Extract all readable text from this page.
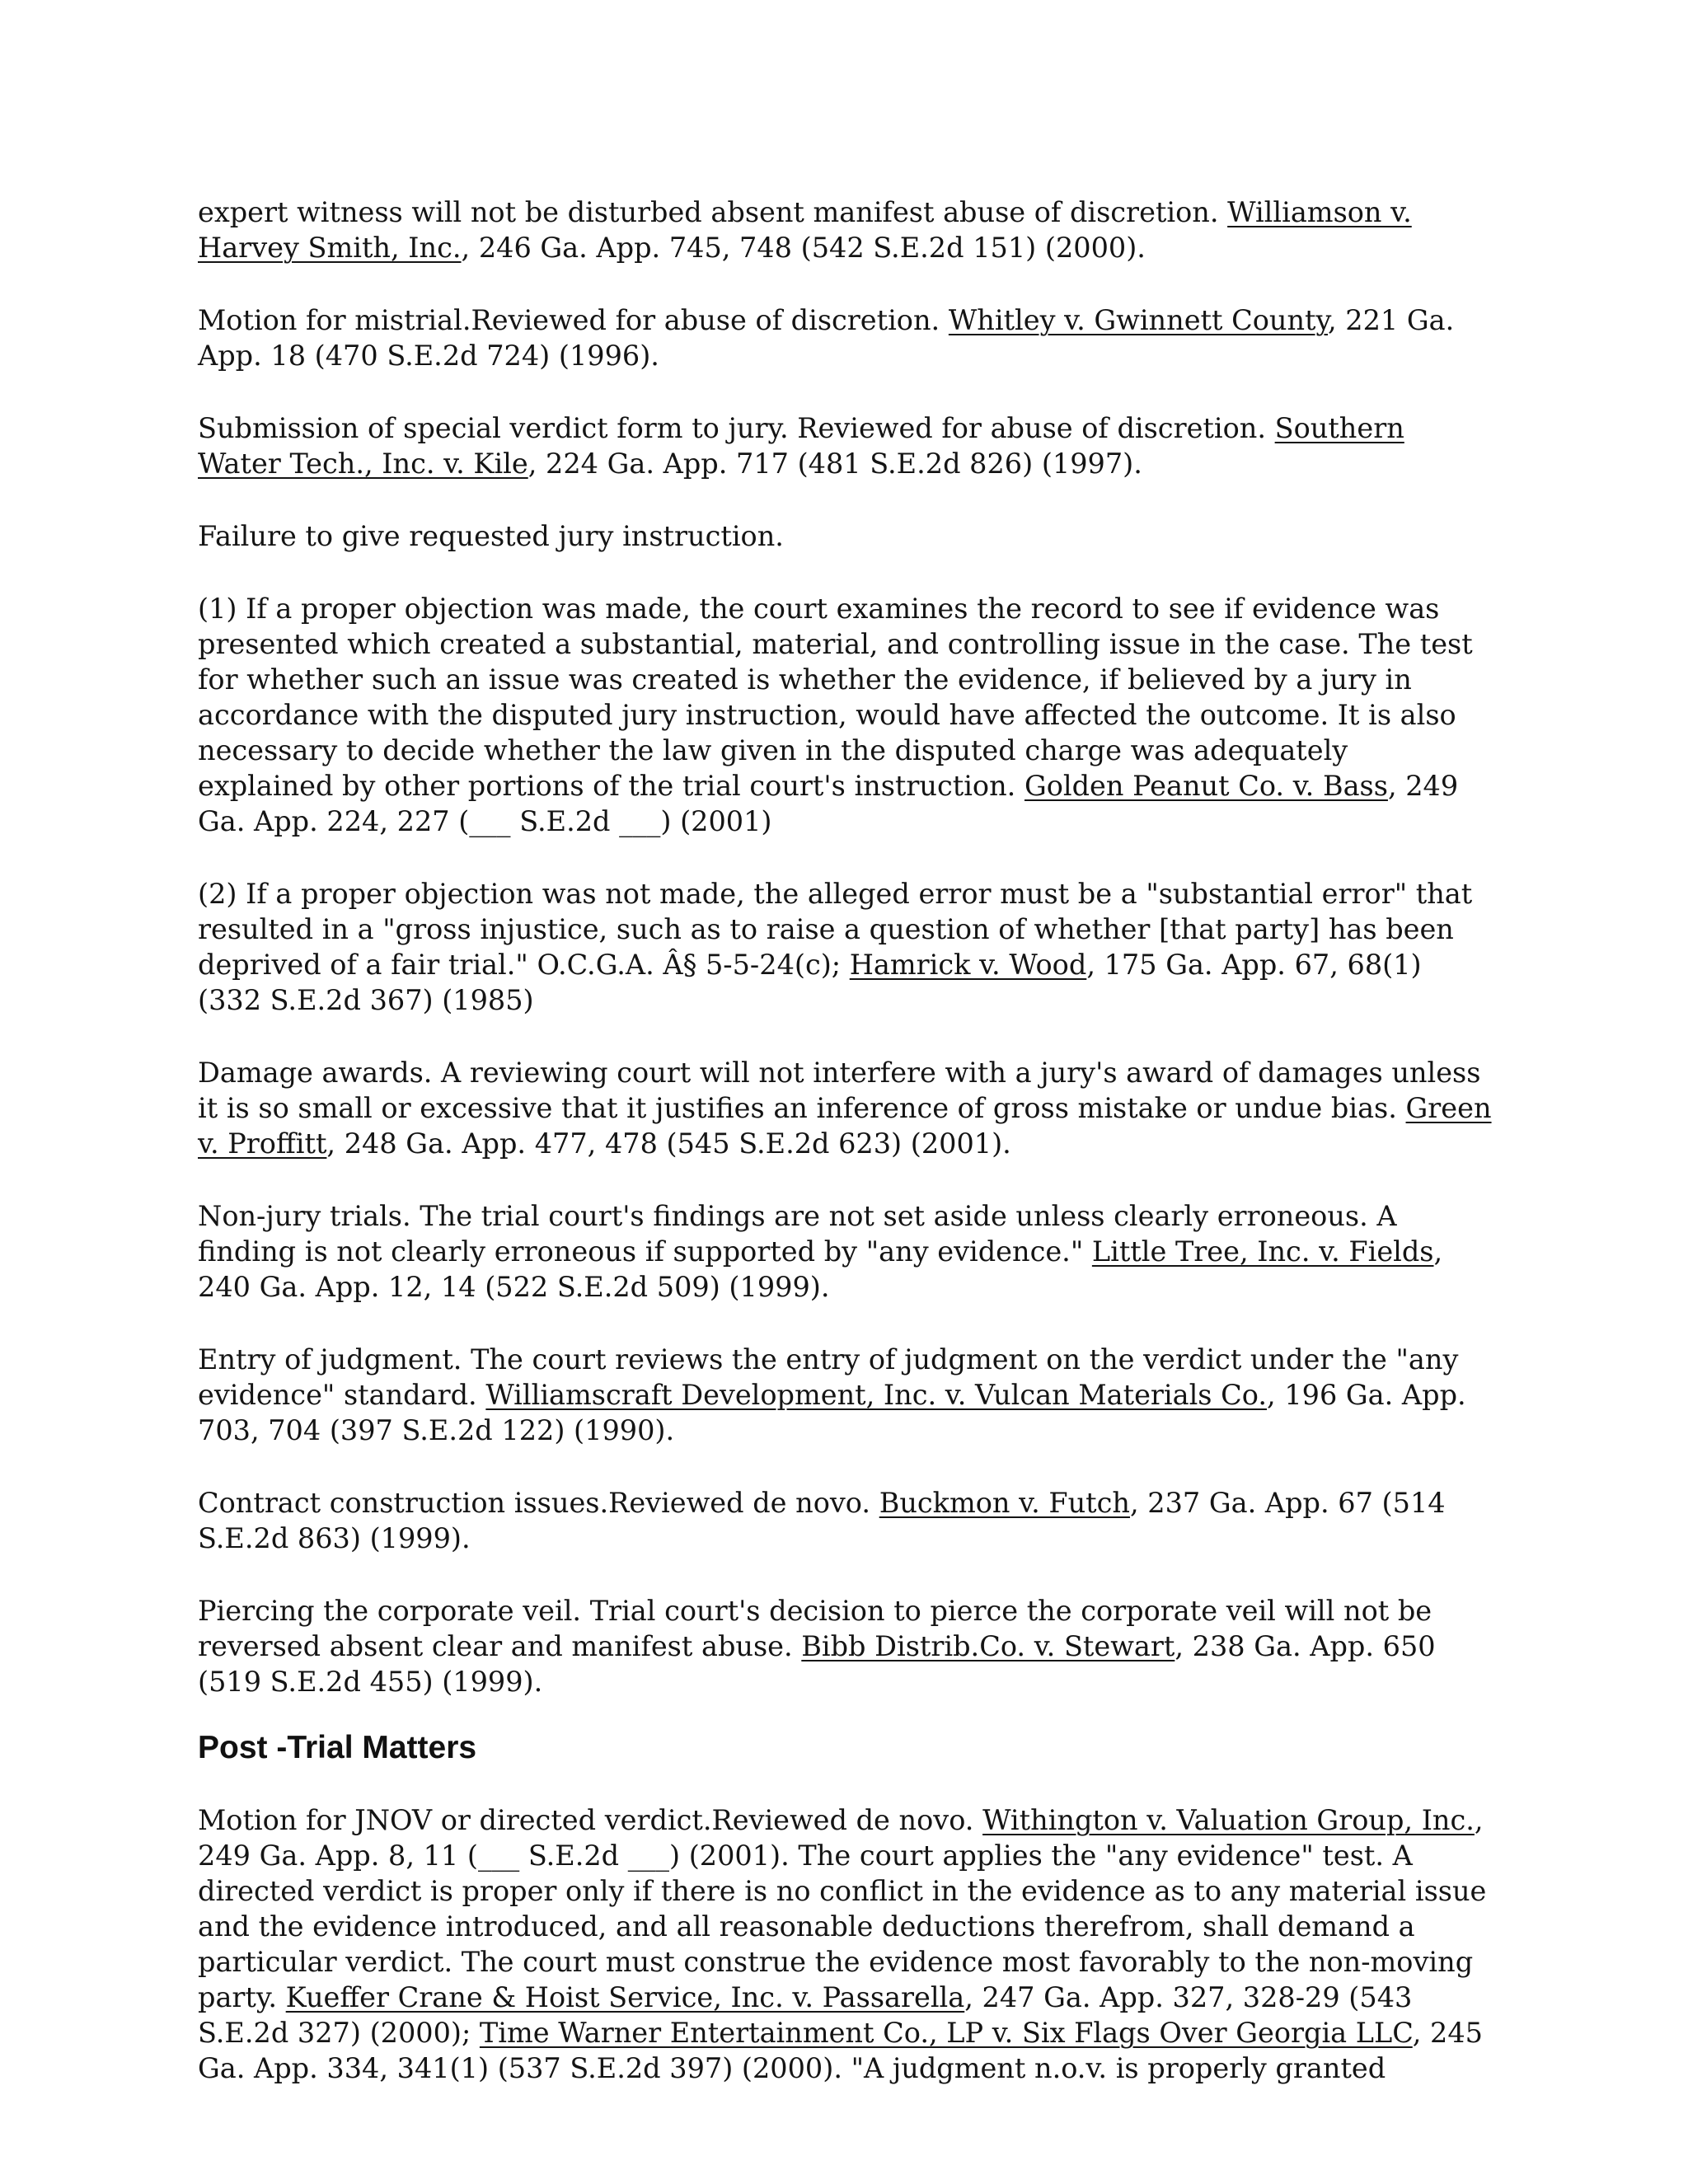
expert witness will not be disturbed absent manifest abuse of discretion. Williamson v. Harvey Smith, Inc., 246 Ga. App. 745, 748 (542 S.E.2d 151) (2000).

Motion for mistrial.Reviewed for abuse of discretion. Whitley v. Gwinnett County, 221 Ga. App. 18 (470 S.E.2d 724) (1996).

Submission of special verdict form to jury. Reviewed for abuse of discretion. Southern Water Tech., Inc. v. Kile, 224 Ga. App. 717 (481 S.E.2d 826) (1997).

Failure to give requested jury instruction.

(1) If a proper objection was made, the court examines the record to see if evidence was presented which created a substantial, material, and controlling issue in the case. The test for whether such an issue was created is whether the evidence, if believed by a jury in accordance with the disputed jury instruction, would have affected the outcome. It is also necessary to decide whether the law given in the disputed charge was adequately explained by other portions of the trial court's instruction. Golden Peanut Co. v. Bass, 249 Ga. App. 224, 227 (___ S.E.2d ___) (2001)

(2) If a proper objection was not made, the alleged error must be a "substantial error" that resulted in a "gross injustice, such as to raise a question of whether [that party] has been deprived of a fair trial." O.C.G.A. Â§ 5-5-24(c); Hamrick v. Wood, 175 Ga. App. 67, 68(1) (332 S.E.2d 367) (1985)

Damage awards. A reviewing court will not interfere with a jury's award of damages unless it is so small or excessive that it justifies an inference of gross mistake or undue bias. Green v. Proffitt, 248 Ga. App. 477, 478 (545 S.E.2d 623) (2001).

Non-jury trials. The trial court's findings are not set aside unless clearly erroneous. A finding is not clearly erroneous if supported by "any evidence." Little Tree, Inc. v. Fields, 240 Ga. App. 12, 14 (522 S.E.2d 509) (1999).

Entry of judgment. The court reviews the entry of judgment on the verdict under the "any evidence" standard. Williamscraft Development, Inc. v. Vulcan Materials Co., 196 Ga. App. 703, 704 (397 S.E.2d 122) (1990).

Contract construction issues.Reviewed de novo. Buckmon v. Futch, 237 Ga. App. 67 (514 S.E.2d 863) (1999).

Piercing the corporate veil. Trial court's decision to pierce the corporate veil will not be reversed absent clear and manifest abuse. Bibb Distrib.Co. v. Stewart, 238 Ga. App. 650 (519 S.E.2d 455) (1999).

Post -Trial Matters

Motion for JNOV or directed verdict.Reviewed de novo. Withington v. Valuation Group, Inc., 249 Ga. App. 8, 11 (___ S.E.2d ___) (2001). The court applies the "any evidence" test. A directed verdict is proper only if there is no conflict in the evidence as to any material issue and the evidence introduced, and all reasonable deductions therefrom, shall demand a particular verdict. The court must construe the evidence most favorably to the non-moving party. Kueffer Crane & Hoist Service, Inc. v. Passarella, 247 Ga. App. 327, 328-29 (543 S.E.2d 327) (2000); Time Warner Entertainment Co., LP v. Six Flags Over Georgia LLC, 245 Ga. App. 334, 341(1) (537 S.E.2d 397) (2000). "A judgment n.o.v. is properly granted
